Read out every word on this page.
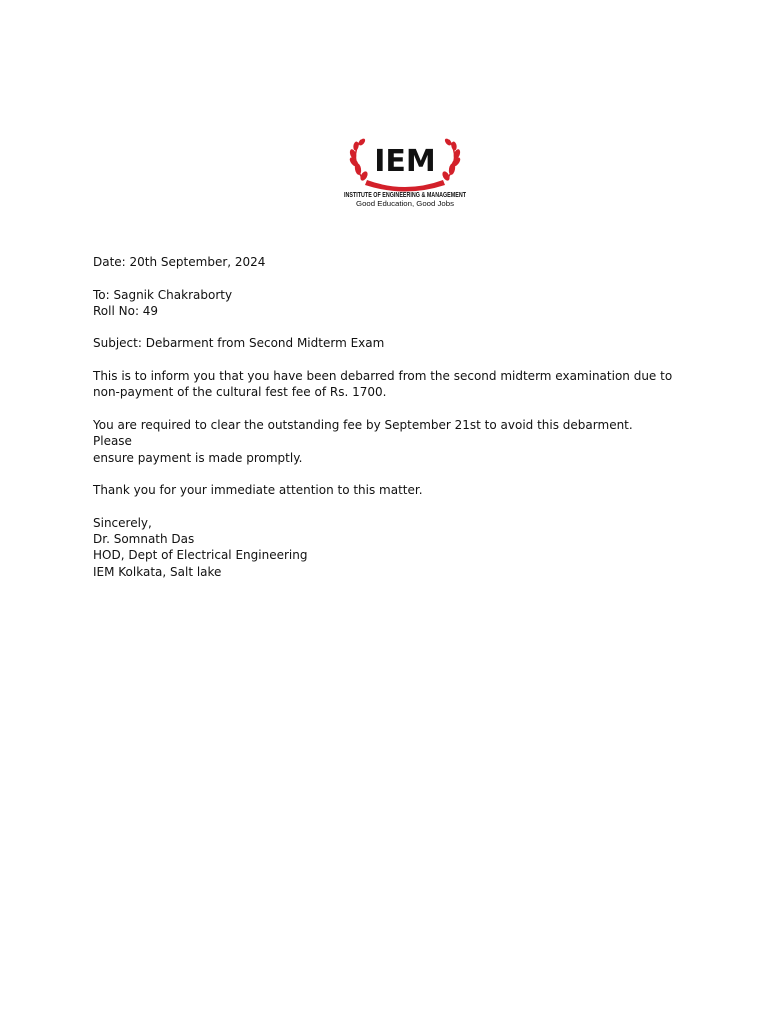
IEM
असतो मा सद्गमय
INSTITUTE OF ENGINEERING & MANAGEMENT
Good Education, Good Jobs

Date: 20th September, 2024

To: Sagnik Chakraborty
Roll No: 49

Subject: Debarment from Second Midterm Exam

This is to inform you that you have been debarred from the second midterm examination due to
non-payment of the cultural fest fee of Rs. 1700.

You are required to clear the outstanding fee by September 21st to avoid this debarment. Please
ensure payment is made promptly.

Thank you for your immediate attention to this matter.

Sincerely,
Dr. Somnath Das
HOD, Dept of Electrical Engineering
IEM Kolkata, Salt lake
